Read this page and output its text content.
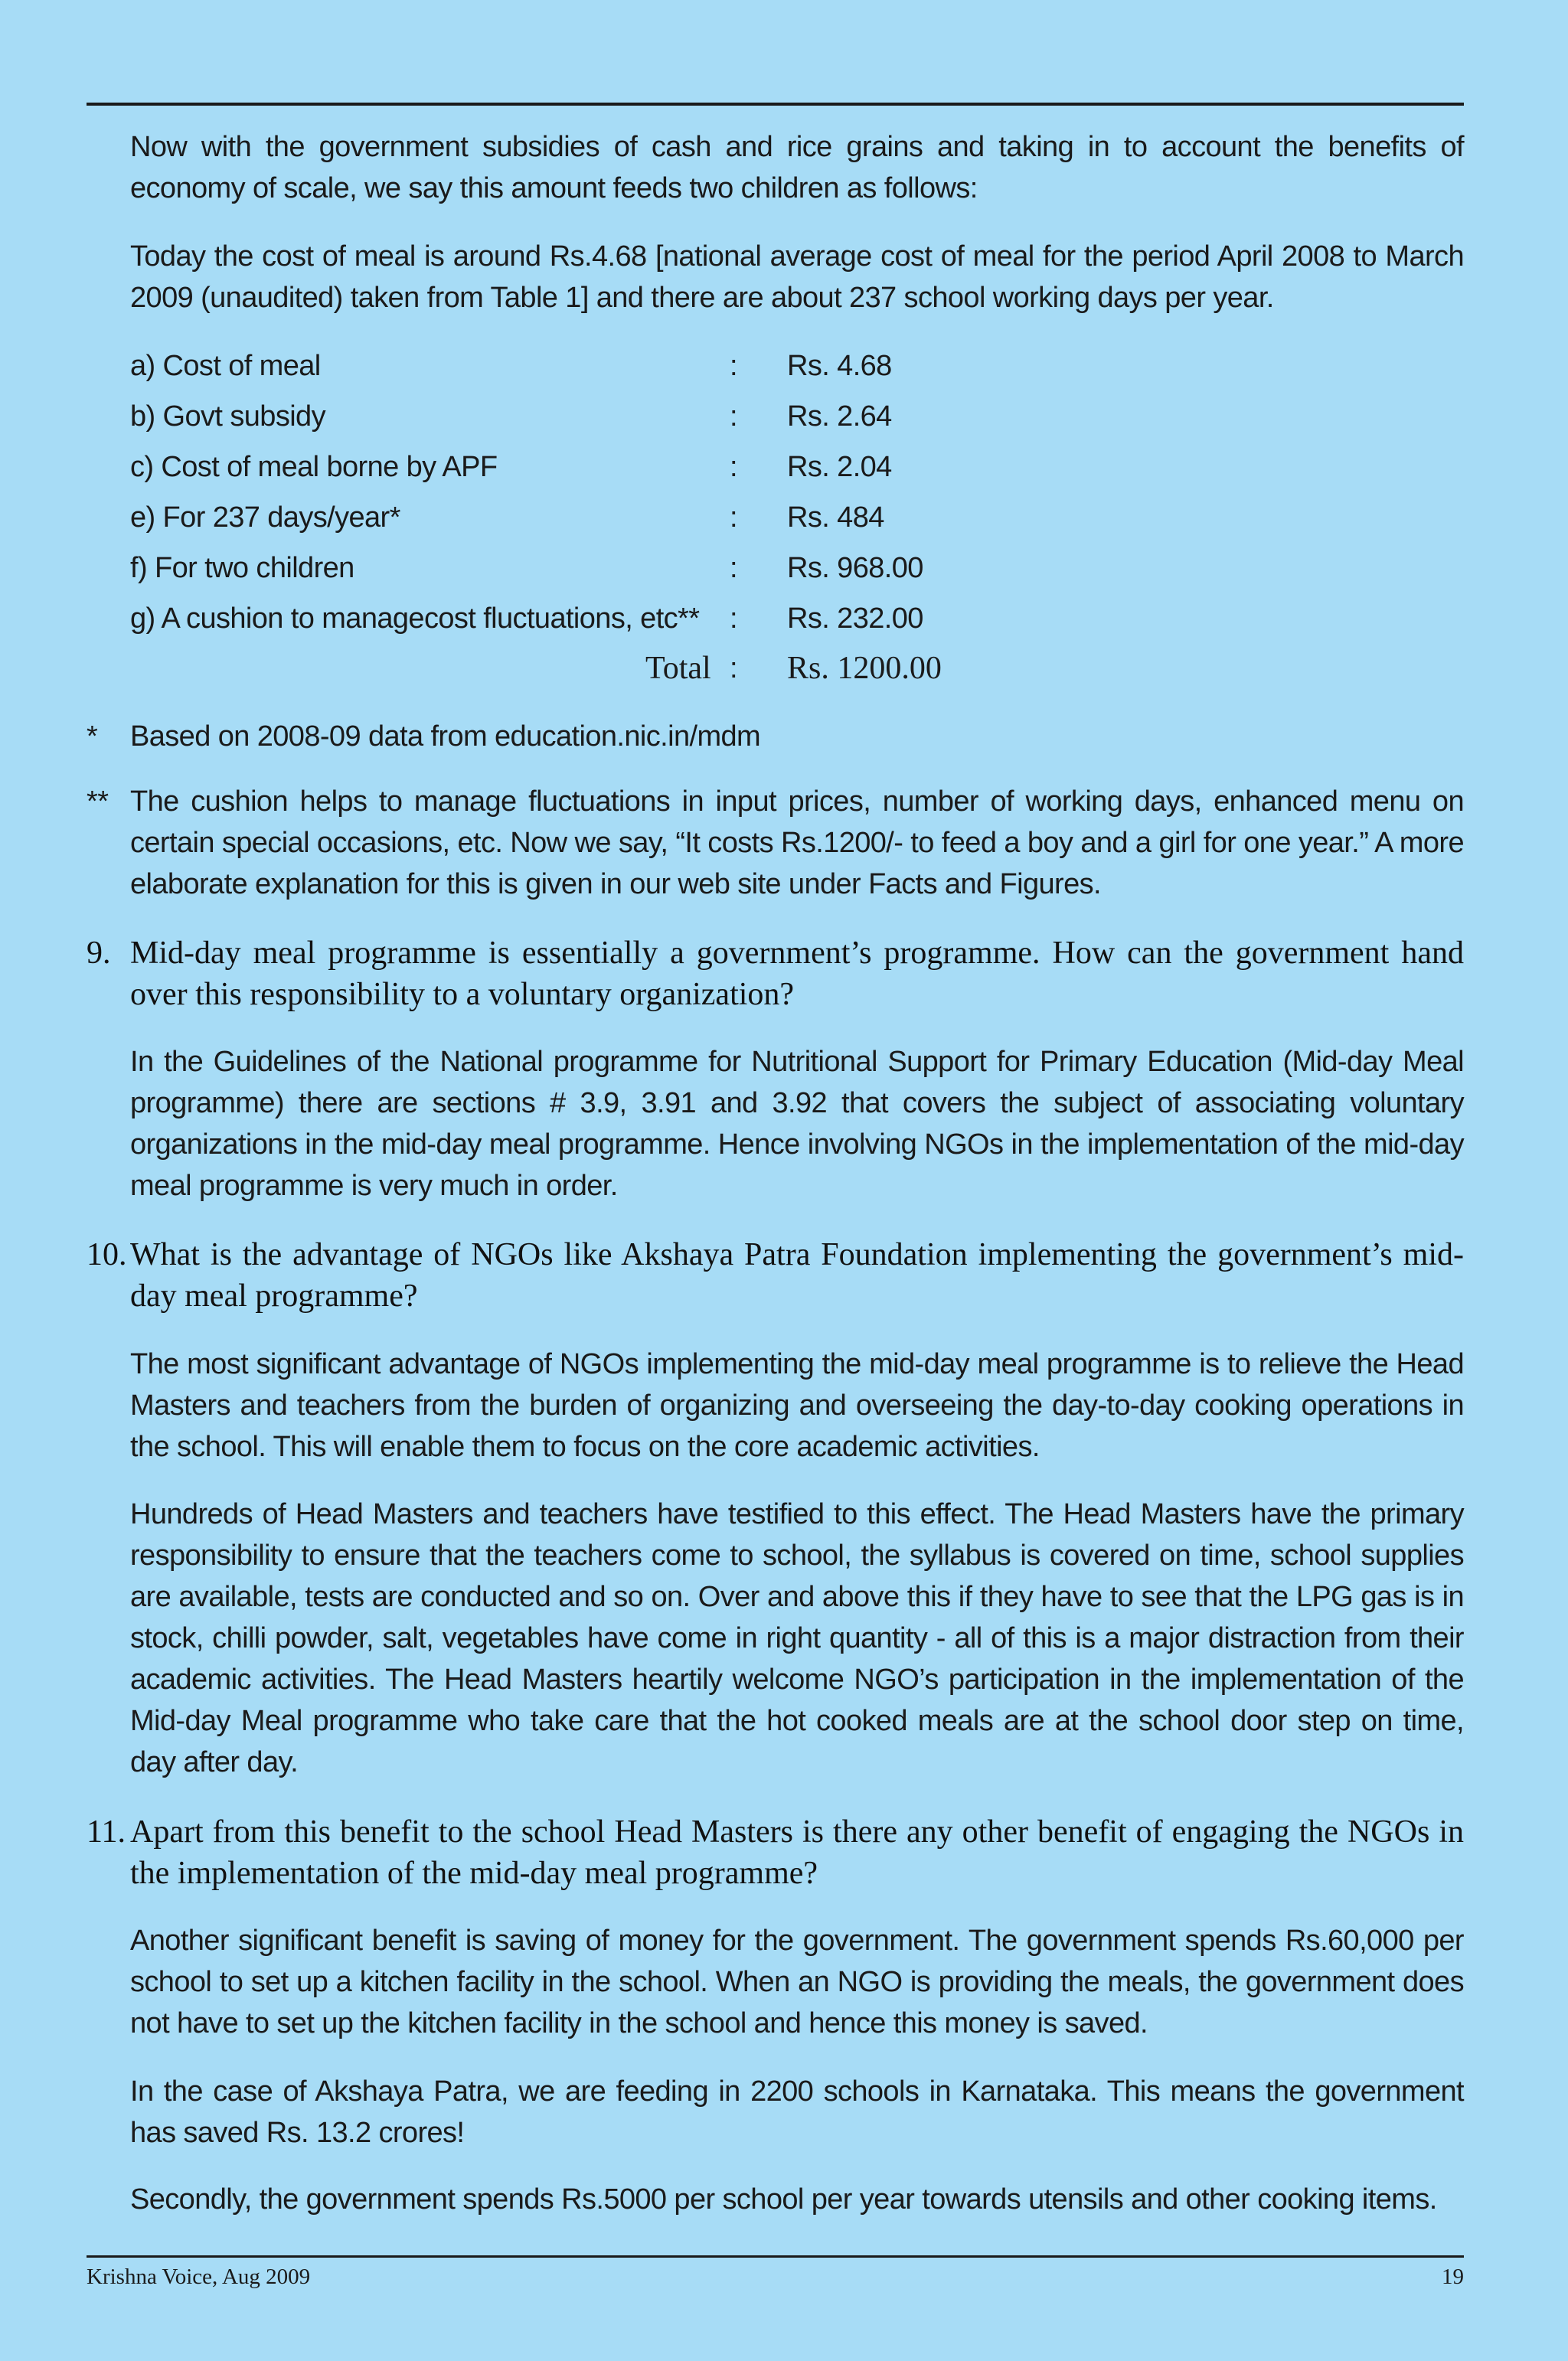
Now with the government subsidies of cash and rice grains and taking in to account the benefits of economy of scale, we say this amount feeds two children as follows:

Today the cost of meal is around Rs.4.68 [national average cost of meal for the period April 2008 to March 2009 (unaudited) taken from Table 1] and there are about 237 school working days per year.

a) Cost of meal	: Rs. 4.68
b) Govt subsidy	: Rs. 2.64
c) Cost of meal borne by APF	: Rs. 2.04
e) For 237 days/year*	: Rs. 484
f) For two children	: Rs. 968.00
g) A cushion to managecost fluctuations, etc** : Rs. 232.00
Total : Rs. 1200.00
*	Based on 2008-09 data from education.nic.in/mdm

** The cushion helps to manage fluctuations in input prices, number of working days, enhanced menu on certain special occasions, etc. Now we say, “It costs Rs.1200/- to feed a boy and a girl for one year.” A more elaborate explanation for this is given in our web site under Facts and Figures.

9. Mid-day meal programme is essentially a government’s programme. How can the government hand over this responsibility to a voluntary organization?

In the Guidelines of the National programme for Nutritional Support for Primary Education (Mid-day Meal programme) there are sections # 3.9, 3.91 and 3.92 that covers the subject of associating voluntary organizations in the mid-day meal programme. Hence involving NGOs in the implementation of the mid-day meal programme is very much in order.

10. What is the advantage of NGOs like Akshaya Patra Foundation implementing the government’s mid-day meal programme?

The most significant advantage of NGOs implementing the mid-day meal programme is to relieve the Head Masters and teachers from the burden of organizing and overseeing the day-to-day cooking operations in the school. This will enable them to focus on the core academic activities.

Hundreds of Head Masters and teachers have testified to this effect. The Head Masters have the primary responsibility to ensure that the teachers come to school, the syllabus is covered on time, school supplies are available, tests are conducted and so on. Over and above this if they have to see that the LPG gas is in stock, chilli powder, salt, vegetables have come in right quantity - all of this is a major distraction from their academic activities. The Head Masters heartily welcome NGO’s participation in the implementation of the Mid-day Meal programme who take care that the hot cooked meals are at the school door step on time, day after day.

11. Apart from this benefit to the school Head Masters is there any other benefit of engaging the NGOs in the implementation of the mid-day meal programme?

Another significant benefit is saving of money for the government. The government spends Rs.60,000 per school to set up a kitchen facility in the school. When an NGO is providing the meals, the government does not have to set up the kitchen facility in the school and hence this money is saved.

In the case of Akshaya Patra, we are feeding in 2200 schools in Karnataka. This means the government has saved Rs. 13.2 crores!

Secondly, the government spends Rs.5000 per school per year towards utensils and other cooking items.

Krishna Voice, Aug 2009	19
